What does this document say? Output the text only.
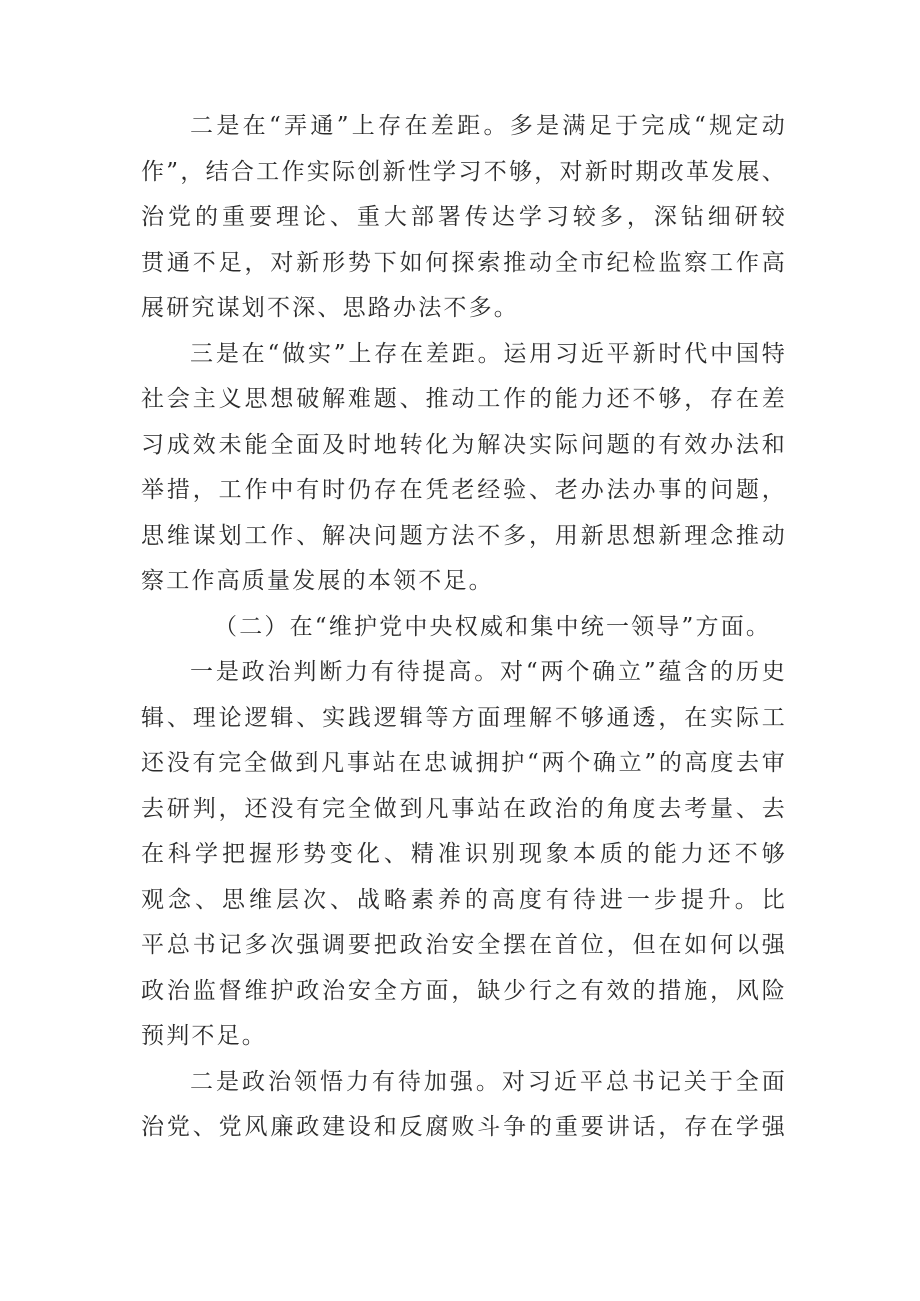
二是在“弄通”上存在差距。多是满足于完成“规定动
作”，结合工作实际创新性学习不够，对新时期改革发展、
治党的重要理论、重大部署传达学习较多，深钻细研较
贯通不足，对新形势下如何探索推动全市纪检监察工作高
展研究谋划不深、思路办法不多。
三是在“做实”上存在差距。运用习近平新时代中国特
社会主义思想破解难题、推动工作的能力还不够，存在差
习成效未能全面及时地转化为解决实际问题的有效办法和
举措，工作中有时仍存在凭老经验、老办法办事的问题，
思维谋划工作、解决问题方法不多，用新思想新理念推动
察工作高质量发展的本领不足。
（二）在“维护党中央权威和集中统一领导”方面。
一是政治判断力有待提高。对“两个确立”蕴含的历史
辑、理论逻辑、实践逻辑等方面理解不够通透，在实际工
还没有完全做到凡事站在忠诚拥护“两个确立”的高度去审
去研判，还没有完全做到凡事站在政治的角度去考量、去
在科学把握形势变化、精准识别现象本质的能力还不够
观念、思维层次、战略素养的高度有待进一步提升。比
平总书记多次强调要把政治安全摆在首位，但在如何以强
政治监督维护政治安全方面，缺少行之有效的措施，风险
预判不足。
二是政治领悟力有待加强。对习近平总书记关于全面
治党、党风廉政建设和反腐败斗争的重要讲话，存在学强
